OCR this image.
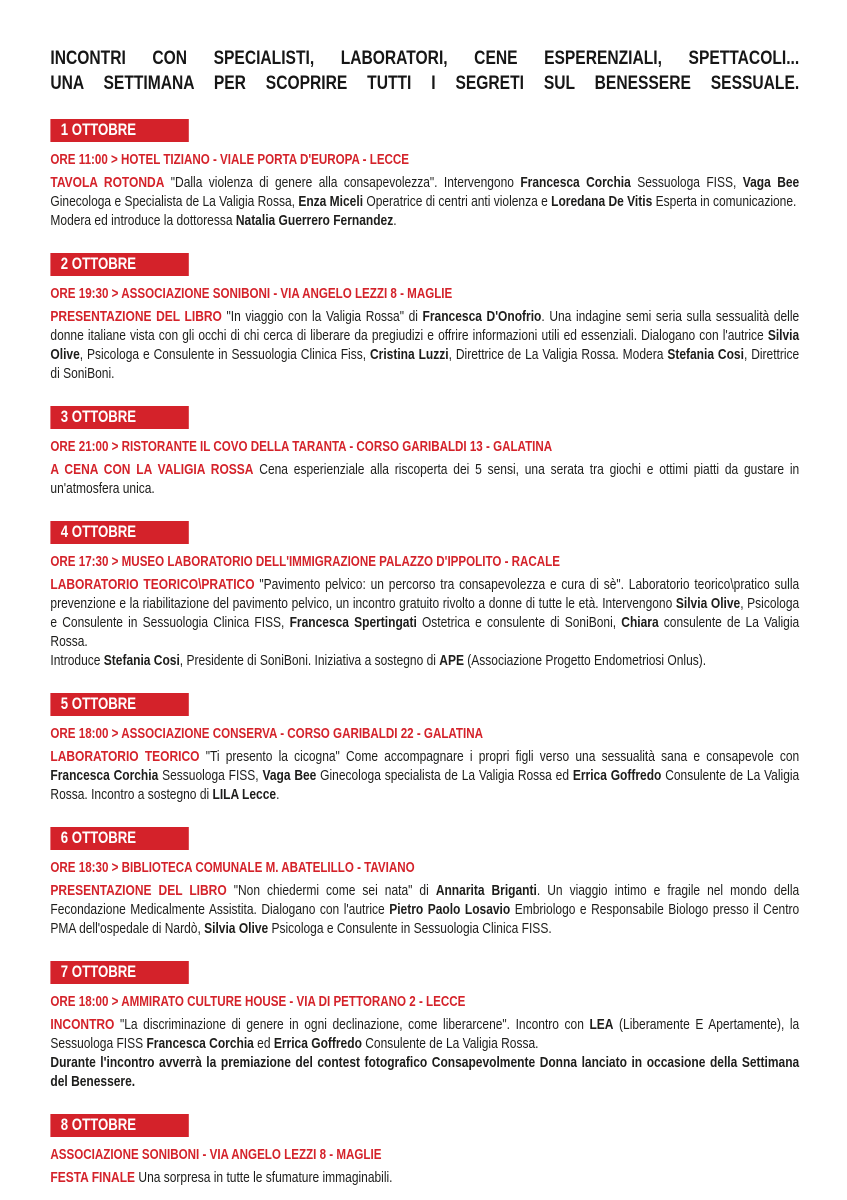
INCONTRI CON SPECIALISTI, LABORATORI, CENE ESPERENZIALI, SPETTACOLI...
UNA SETTIMANA PER SCOPRIRE TUTTI I SEGRETI SUL BENESSERE SESSUALE.
1 OTTOBRE
ORE 11:00 > HOTEL TIZIANO - VIALE PORTA D'EUROPA - LECCE

TAVOLA ROTONDA "Dalla violenza di genere alla consapevolezza". Intervengono Francesca Corchia Sessuologa FISS, Vaga Bee Ginecologa e Specialista de La Valigia Rossa, Enza Miceli Operatrice di centri anti violenza e Loredana De Vitis Esperta in comunicazione.

Modera ed introduce la dottoressa Natalia Guerrero Fernandez.

2 OTTOBRE
ORE 19:30 > ASSOCIAZIONE SONIBONI - VIA ANGELO LEZZI 8 - MAGLIE

PRESENTAZIONE DEL LIBRO "In viaggio con la Valigia Rossa" di Francesca D'Onofrio. Una indagine semi seria sulla sessualità delle donne italiane vista con gli occhi di chi cerca di liberare da pregiudizi e offrire informazioni utili ed essenziali. Dialogano con l'autrice Silvia Olive, Psicologa e Consulente in Sessuologia Clinica Fiss, Cristina Luzzi, Direttrice de La Valigia Rossa. Modera Stefania Cosi, Direttrice di SoniBoni.

3 OTTOBRE
ORE 21:00 > RISTORANTE IL COVO DELLA TARANTA - CORSO GARIBALDI 13 - GALATINA

A CENA CON LA VALIGIA ROSSA Cena esperienziale alla riscoperta dei 5 sensi, una serata tra giochi e ottimi piatti da gustare in un'atmosfera unica.

4 OTTOBRE
ORE 17:30 > MUSEO LABORATORIO DELL'IMMIGRAZIONE PALAZZO D'IPPOLITO - RACALE

LABORATORIO TEORICO\PRATICO "Pavimento pelvico: un percorso tra consapevolezza e cura di sè". Laboratorio teorico\pratico sulla prevenzione e la riabilitazione del pavimento pelvico, un incontro gratuito rivolto a donne di tutte le età. Intervengono Silvia Olive, Psicologa e Consulente in Sessuologia Clinica FISS, Francesca Spertingati Ostetrica e consulente di SoniBoni, Chiara consulente de La Valigia Rossa.

Introduce Stefania Cosi, Presidente di SoniBoni. Iniziativa a sostegno di APE (Associazione Progetto Endometriosi Onlus).

5 OTTOBRE
ORE 18:00 > ASSOCIAZIONE CONSERVA - CORSO GARIBALDI 22 - GALATINA

LABORATORIO TEORICO "Ti presento la cicogna" Come accompagnare i propri figli verso una sessualità sana e consapevole con Francesca Corchia Sessuologa FISS, Vaga Bee Ginecologa specialista de La Valigia Rossa ed Errica Goffredo Consulente de La Valigia Rossa. Incontro a sostegno di LILA Lecce.

6 OTTOBRE
ORE 18:30 > BIBLIOTECA COMUNALE M. ABATELILLO - TAVIANO

PRESENTAZIONE DEL LIBRO "Non chiedermi come sei nata" di Annarita Briganti. Un viaggio intimo e fragile nel mondo della Fecondazione Medicalmente Assistita. Dialogano con l'autrice Pietro Paolo Losavio Embriologo e Responsabile Biologo presso il Centro PMA dell'ospedale di Nardò, Silvia Olive Psicologa e Consulente in Sessuologia Clinica FISS.

7 OTTOBRE
ORE 18:00 > AMMIRATO CULTURE HOUSE - VIA DI PETTORANO 2 - LECCE

INCONTRO "La discriminazione di genere in ogni declinazione, come liberarcene". Incontro con LEA (Liberamente E Apertamente), la Sessuologa FISS Francesca Corchia ed Errica Goffredo Consulente de La Valigia Rossa.

Durante l'incontro avverrà la premiazione del contest fotografico Consapevolmente Donna lanciato in occasione della Settimana del Benessere.

8 OTTOBRE
ASSOCIAZIONE SONIBONI - VIA ANGELO LEZZI 8 - MAGLIE

FESTA FINALE Una sorpresa in tutte le sfumature immaginabili.
